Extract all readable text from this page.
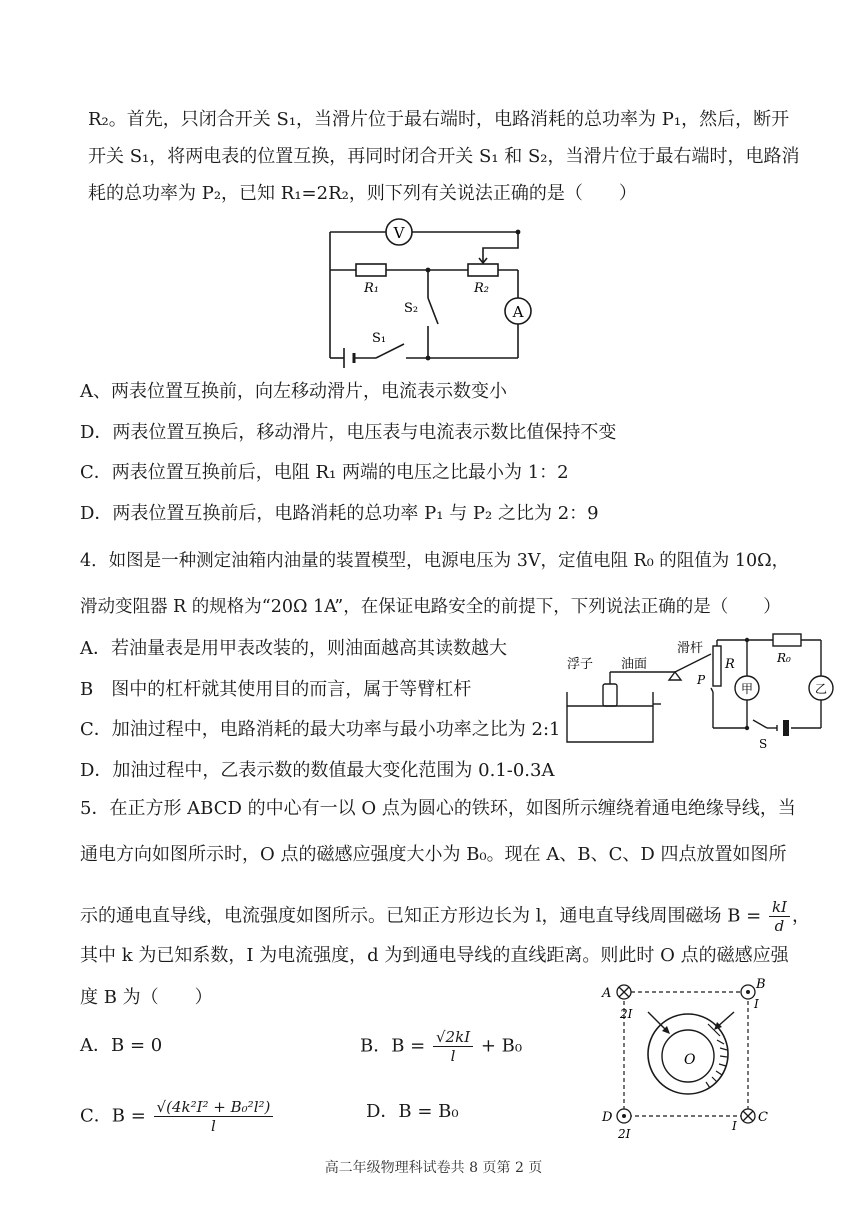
R₂。首先，只闭合开关 S₁，当滑片位于最右端时，电路消耗的总功率为 P₁，然后，断开
开关 S₁，将两电表的位置互换，再同时闭合开关 S₁ 和 S₂，当滑片位于最右端时，电路消
耗的总功率为 P₂，已知 R₁=2R₂，则下列有关说法正确的是（　　）
V
A
R₁	R₂
S₂
S₁
A、两表位置互换前，向左移动滑片，电流表示数变小
D．两表位置互换后，移动滑片，电压表与电流表示数比值保持不变
C．两表位置互换前后，电阻 R₁ 两端的电压之比最小为 1：2
D．两表位置互换前后，电路消耗的总功率 P₁ 与 P₂ 之比为 2：9
4．如图是一种测定油箱内油量的装置模型，电源电压为 3V，定值电阻 R₀ 的阻值为 10Ω，
滑动变阻器 R 的规格为“20Ω 1A”，在保证电路安全的前提下，下列说法正确的是（　　）
A．若油量表是用甲表改装的，则油面越高其读数越大
B　图中的杠杆就其使用目的而言，属于等臂杠杆
C．加油过程中，电路消耗的最大功率与最小功率之比为 2:1
D．加油过程中，乙表示数的数值最大变化范围为 0.1-0.3A
甲	乙
浮子 油面
滑杆
R
P
R₀
S
5．在正方形 ABCD 的中心有一以 O 点为圆心的铁环，如图所示缠绕着通电绝缘导线，当
通电方向如图所示时，O 点的磁感应强度大小为 B₀。现在 A、B、C、D 四点放置如图所
示的通电直导线，电流强度如图所示。已知正方形边长为 l，通电直导线周围磁场 $B = \frac{kI}{d}$ ，
其中 k 为已知系数，I 为电流强度，d 为到通电导线的直线距离。则此时 O 点的磁感应强
度 B 为（　　）
A．B = 0	B．$B = \frac{√2kI}{l} + B_0$
C．$B = \frac{\text{√(4k²I² + B₀²l²)}}{l}$	D．B = B₀
O
A
B
C
D
2I
I
I
2I
高二年级物理科试卷共 8 页第 2 页
